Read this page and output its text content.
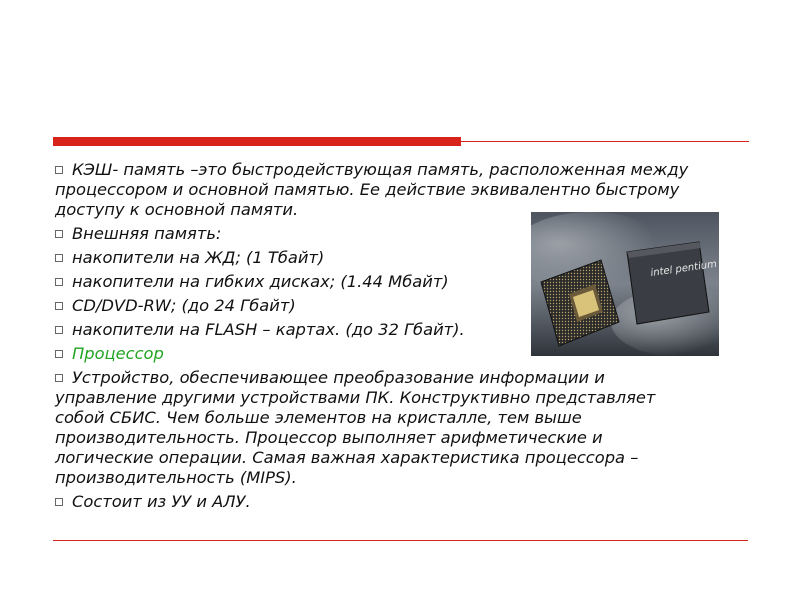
intel pentium
КЭШ- память –это быстродействующая память, расположенная между
процессором и основной памятью. Ее действие эквивалентно быстрому
доступу к основной памяти.
Внешняя память:
накопители на ЖД; (1 Тбайт)
накопители на гибких дисках; (1.44 Мбайт)
CD/DVD-RW; (до 24 Гбайт)
накопители на FLASH – картах. (до 32 Гбайт).
Процессор
Устройство, обеспечивающее преобразование информации и
управление другими устройствами ПК. Конструктивно представляет
собой СБИС. Чем больше элементов на кристалле, тем выше
производительность. Процессор выполняет арифметические и
логические операции. Самая важная характеристика процессора –
производительность (MIPS).
Состоит из УУ и АЛУ.
